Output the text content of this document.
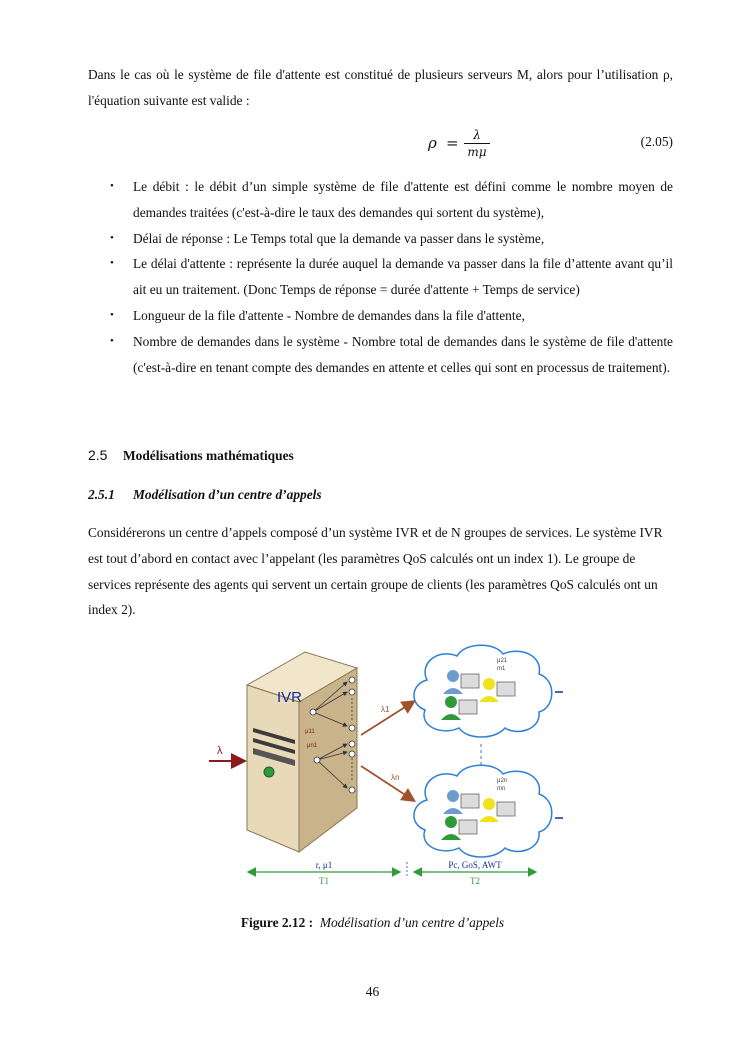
Dans le cas où le système de file d'attente est constitué de plusieurs serveurs M, alors pour l’utilisation ρ, l'équation suivante est valide :

ρ =	λ
mμ
(2.05)
• Le débit : le débit d’un simple système de file d'attente est défini comme le nombre moyen de demandes traitées (c'est-à-dire le taux des demandes qui sortent du système),
• Délai de réponse : Le Temps total que la demande va passer dans le système,
• Le délai d'attente : représente la durée auquel la demande va passer dans la file d’attente avant qu’il ait eu un traitement. (Donc Temps de réponse = durée d'attente + Temps de service)
• Longueur de la file d'attente - Nombre de demandes dans la file d'attente,
• Nombre de demandes dans le système - Nombre total de demandes dans le système de file d'attente (c'est-à-dire en tenant compte des demandes en attente et celles qui sont en processus de traitement).
2.5 Modélisations mathématiques
2.5.1 Modélisation d’un centre d’appels

Considérerons un centre d’appels composé d’un système IVR et de N groupes de services. Le système IVR est tout d’abord en contact avec l’appelant (les paramètres QoS calculés ont un index 1). Le groupe de services représente des agents qui servent un certain groupe de clients (les paramètres QoS calculés ont un index 2).

IVR
μ11
μn1
λ
λ1
λn
μ21
m1
μ2n
mn
r, μ1
T1
Pc, GoS, AWT
T2
Figure 2.12 : Modélisation d’un centre d’appels
46
